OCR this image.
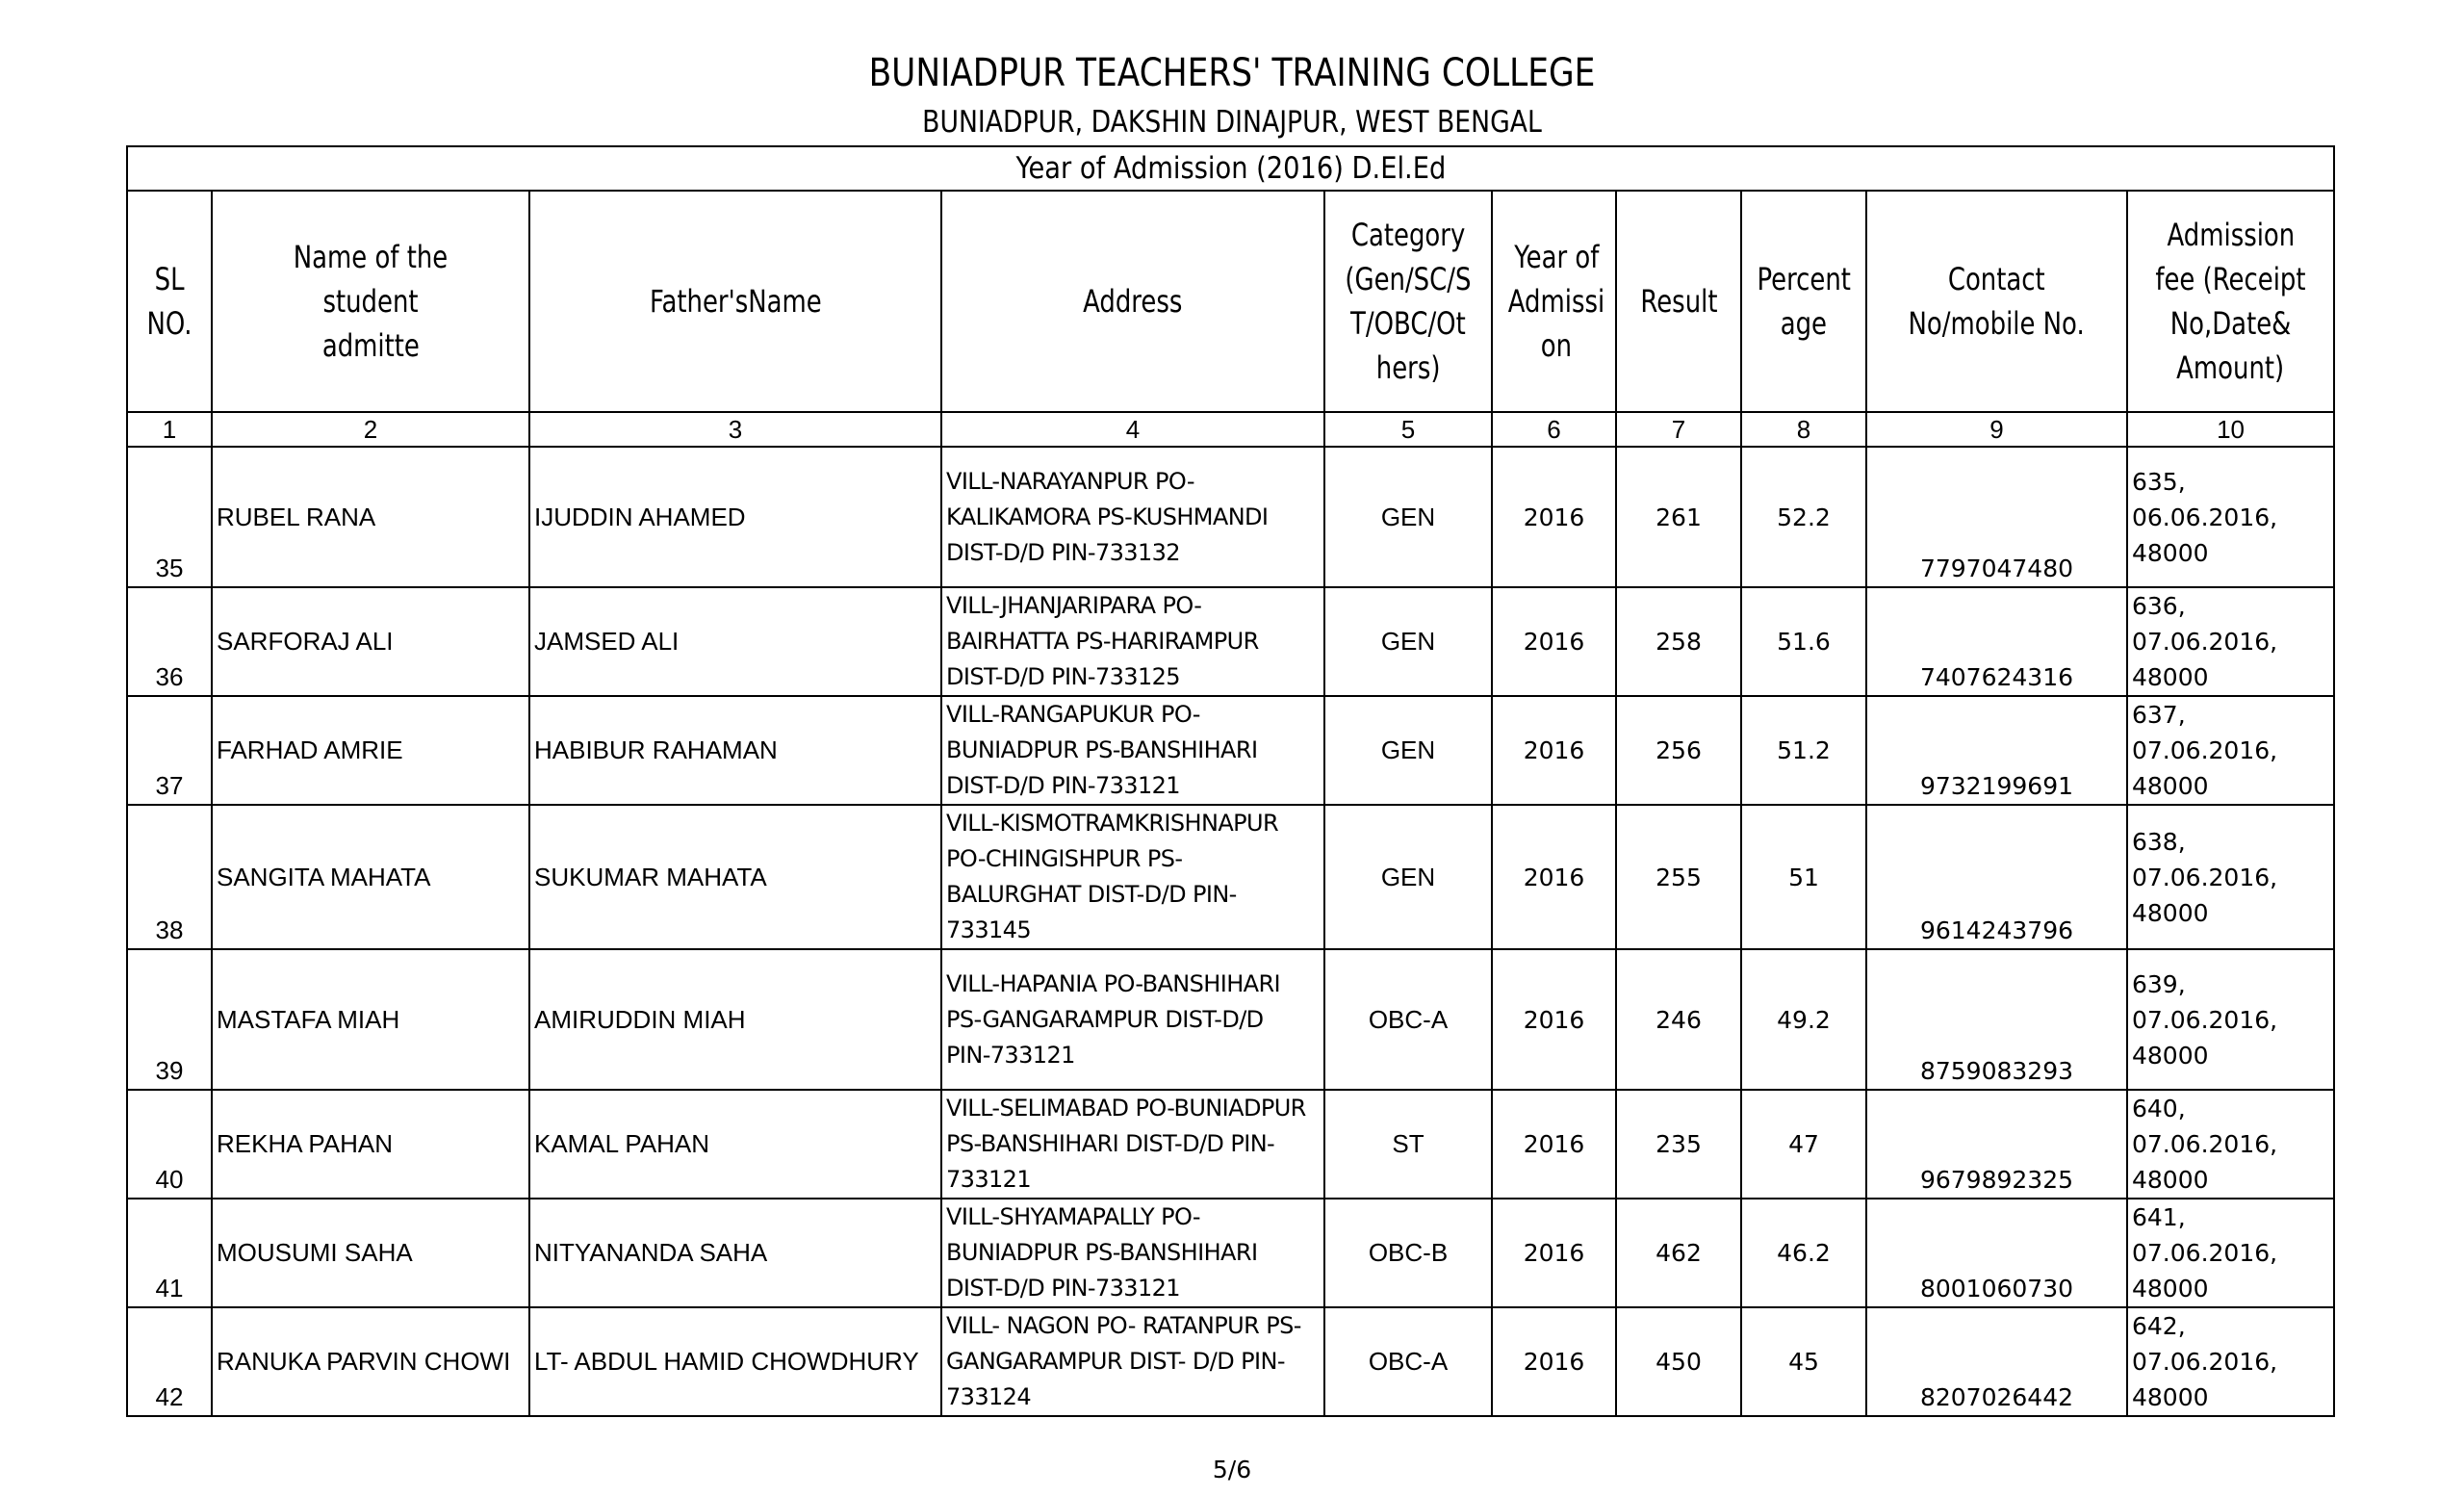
BUNIADPUR TEACHERS' TRAINING COLLEGE
BUNIADPUR, DAKSHIN DINAJPUR, WEST BENGAL
Year of Admission (2016) D.El.Ed									
SLNO.	Name of the studentadmitte	Father'sName	Address	Category(Gen/SC/ST/OBC/Others)	Year ofAdmission	Result	Percentage	ContactNo/mobile No.	Admissionfee (ReceiptNo,Date&Amount)
1	2	3	4	5	6	7	8	9	10
35	RUBEL RANA	IJUDDIN AHAMED	VILL-NARAYANPUR PO-
KALIKAMORA PS-KUSHMANDI
DIST-D/D PIN-733132	GEN	2016	261	52.2	7797047480	635,
06.06.2016,
48000

36	SARFORAJ ALI	JAMSED ALI	VILL-JHANJARIPARA PO-
BAIRHATTA PS-HARIRAMPUR
DIST-D/D PIN-733125	GEN	2016	258	51.6	7407624316	636,
07.06.2016,
48000

37	FARHAD AMRIE	HABIBUR RAHAMAN	VILL-RANGAPUKUR PO-
BUNIADPUR PS-BANSHIHARI
DIST-D/D PIN-733121	GEN	2016	256	51.2	9732199691	637,
07.06.2016,
48000

38	SANGITA MAHATA	SUKUMAR MAHATA	VILL-KISMOTRAMKRISHNAPUR
PO-CHINGISHPUR PS-
BALURGHAT DIST-D/D PIN-
733145	GEN	2016	255	51	9614243796	638,
07.06.2016,
48000

39	MASTAFA MIAH	AMIRUDDIN MIAH	VILL-HAPANIA PO-BANSHIHARI
PS-GANGARAMPUR DIST-D/D
PIN-733121	OBC-A	2016	246	49.2	8759083293	639,
07.06.2016,
48000

40	REKHA PAHAN	KAMAL PAHAN	VILL-SELIMABAD PO-BUNIADPUR
PS-BANSHIHARI DIST-D/D PIN-
733121	ST	2016	235	47	9679892325	640,
07.06.2016,
48000

41	MOUSUMI SAHA	NITYANANDA SAHA	VILL-SHYAMAPALLY PO-
BUNIADPUR PS-BANSHIHARI
DIST-D/D PIN-733121	OBC-B	2016	462	46.2	8001060730	641,
07.06.2016,
48000

42	RANUKA PARVIN CHOWI	LT- ABDUL HAMID CHOWDHURY	VILL- NAGON PO- RATANPUR PS-
GANGARAMPUR DIST- D/D PIN-
733124	OBC-A	2016	450	45	8207026442	642,
07.06.2016,
48000
5/6
